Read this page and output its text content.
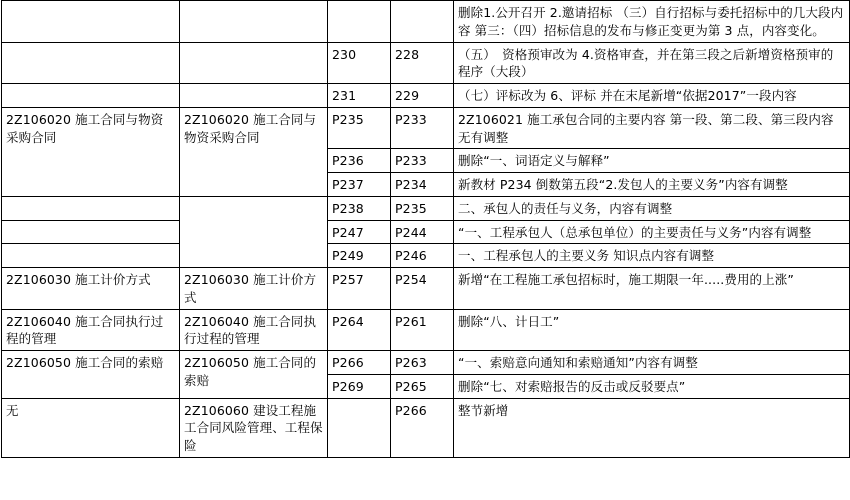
				删除1.公开召开 2.邀请招标 （三）自行招标与委托招标中的几大段内容 第三：（四）招标信息的发布与修正变更为第 3 点，内容变化。
		230	228	（五）　资格预审改为 4.资格审查，并在第三段之后新增资格预审的程序（大段）
		231	229	（七）评标改为 6、评标 并在末尾新增“依据2017”一段内容
2Z106020 施工合同与物资采购合同	2Z106020 施工合同与物资采购合同	P235	P233	2Z106021 施工承包合同的主要内容 第一段、第二段、第三段内容无有调整
		P236	P233	删除“一、词语定义与解释”
		P237	P234	新教材 P234 倒数第五段“2.发包人的主要义务”内容有调整
		P238	P235	二、承包人的责任与义务，内容有调整
		P247	P244	“一、工程承包人（总承包单位）的主要责任与义务”内容有调整
		P249	P246	一、工程承包人的主要义务 知识点内容有调整
2Z106030 施工计价方式	2Z106030 施工计价方式	P257	P254	新增“在工程施工承包招标时，施工期限一年.....费用的上涨”
2Z106040 施工合同执行过程的管理	2Z106040 施工合同执行过程的管理	P264	P261	删除“八、计日工”
2Z106050 施工合同的索赔	2Z106050 施工合同的索赔	P266	P263	“一、索赔意向通知和索赔通知”内容有调整
		P269	P265	删除“七、对索赔报告的反击或反驳要点”
无	2Z106060 建设工程施工合同风险管理、工程保险		P266	整节新增
